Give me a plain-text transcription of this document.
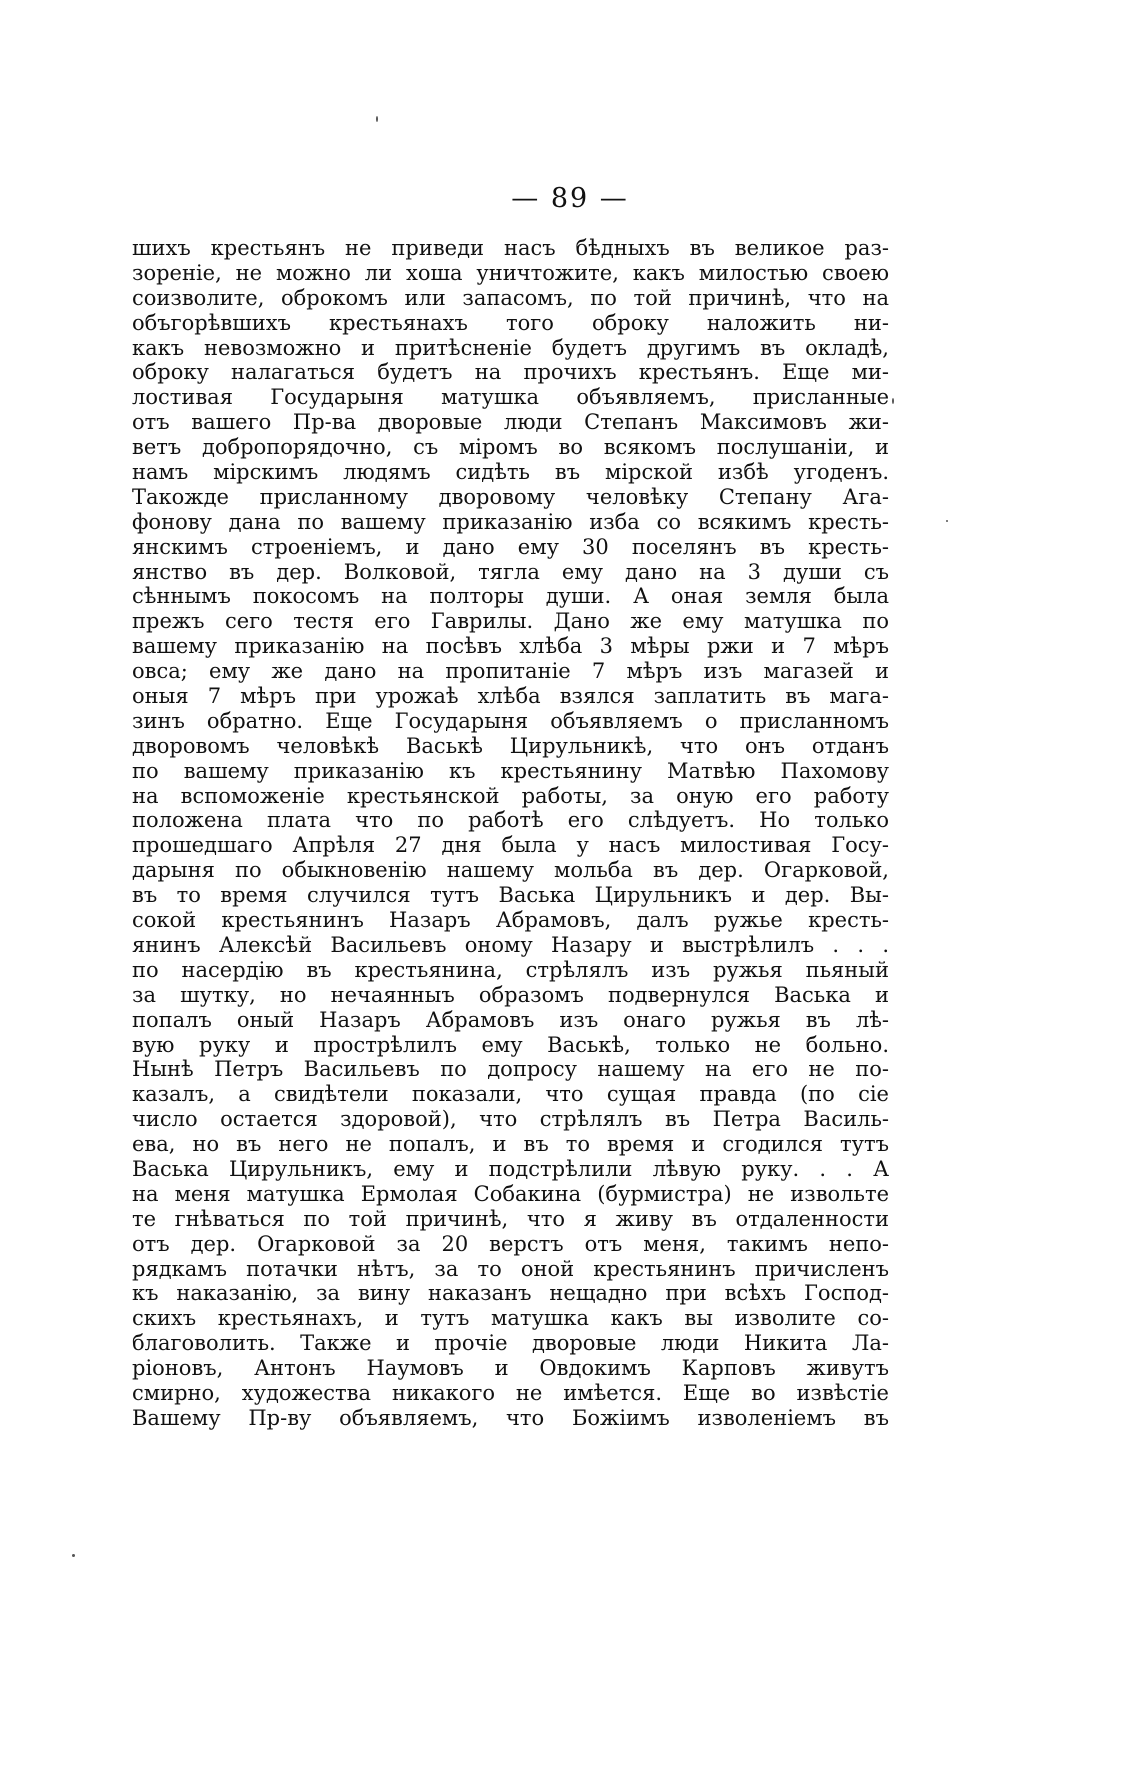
— 89 —
шихъ крестьянъ не приведи насъ бѣдныхъ въ великое раз-
зореніе, не можно ли хоша уничтожите, какъ милостью своею
соизволите, оброкомъ или запасомъ, по той причинѣ, что на
объгорѣвшихъ крестьянахъ того оброку наложить ни-
какъ невозможно и притѣсненіе будетъ другимъ въ окладѣ,
оброку налагаться будетъ на прочихъ крестьянъ. Еще ми-
лостивая Государыня матушка объявляемъ, присланные
отъ вашего Пр-ва дворовые люди Степанъ Максимовъ жи-
ветъ добропорядочно, съ міромъ во всякомъ послушаніи, и
намъ мірскимъ людямъ сидѣть въ мірской избѣ угоденъ.
Такожде присланному дворовому человѣку Степану Ага-
фонову дана по вашему приказанію изба со всякимъ кресть-
янскимъ строеніемъ, и дано ему 30 поселянъ въ кресть-
янство въ дер. Волковой, тягла ему дано на 3 души съ
сѣннымъ покосомъ на полторы души. А оная земля была
прежъ сего тестя его Гаврилы. Дано же ему матушка по
вашему приказанію на посѣвъ хлѣба 3 мѣры ржи и 7 мѣръ
овса; ему же дано на пропитаніе 7 мѣръ изъ магазей и
оныя 7 мѣръ при урожаѣ хлѣба взялся заплатить въ мага-
зинъ обратно. Еще Государыня объявляемъ о присланномъ
дворовомъ человѣкѣ Васькѣ Цирульникѣ, что онъ отданъ
по вашему приказанію къ крестьянину Матвѣю Пахомову
на вспоможеніе крестьянской работы, за оную его работу
положена плата что по работѣ его слѣдуетъ. Но только
прошедшаго Апрѣля 27 дня была у насъ милостивая Госу-
дарыня по обыкновенію нашему мольба въ дер. Огарковой,
въ то время случился тутъ Васька Цирульникъ и дер. Вы-
сокой крестьянинъ Назаръ Абрамовъ, далъ ружье кресть-
янинъ Алексѣй Васильевъ оному Назару и выстрѣлилъ . . .
по насердію въ крестьянина, стрѣлялъ изъ ружья пьяный
за шутку, но нечаянныъ образомъ подвернулся Васька и
попалъ оный Назаръ Абрамовъ изъ онаго ружья въ лѣ-
вую руку и прострѣлилъ ему Васькѣ, только не больно.
Нынѣ Петръ Васильевъ по допросу нашему на его не по-
казалъ, а свидѣтели показали, что сущая правда (по сіе
число остается здоровой), что стрѣлялъ въ Петра Василь-
ева, но въ него не попалъ, и въ то время и сгодился тутъ
Васька Цирульникъ, ему и подстрѣлили лѣвую руку. . . А
на меня матушка Ермолая Собакина (бурмистра) не извольте
те гнѣваться по той причинѣ, что я живу въ отдаленности
отъ дер. Огарковой за 20 верстъ отъ меня, такимъ непо-
рядкамъ потачки нѣтъ, за то оной крестьянинъ причисленъ
къ наказанію, за вину наказанъ нещадно при всѣхъ Господ-
скихъ крестьянахъ, и тутъ матушка какъ вы изволите со-
благоволить. Также и прочіе дворовые люди Никита Ла-
ріоновъ, Антонъ Наумовъ и Овдокимъ Карповъ живутъ
смирно, художества никакого не имѣется. Еще во извѣстіе
Вашему Пр-ву объявляемъ, что Божіимъ изволеніемъ въ
